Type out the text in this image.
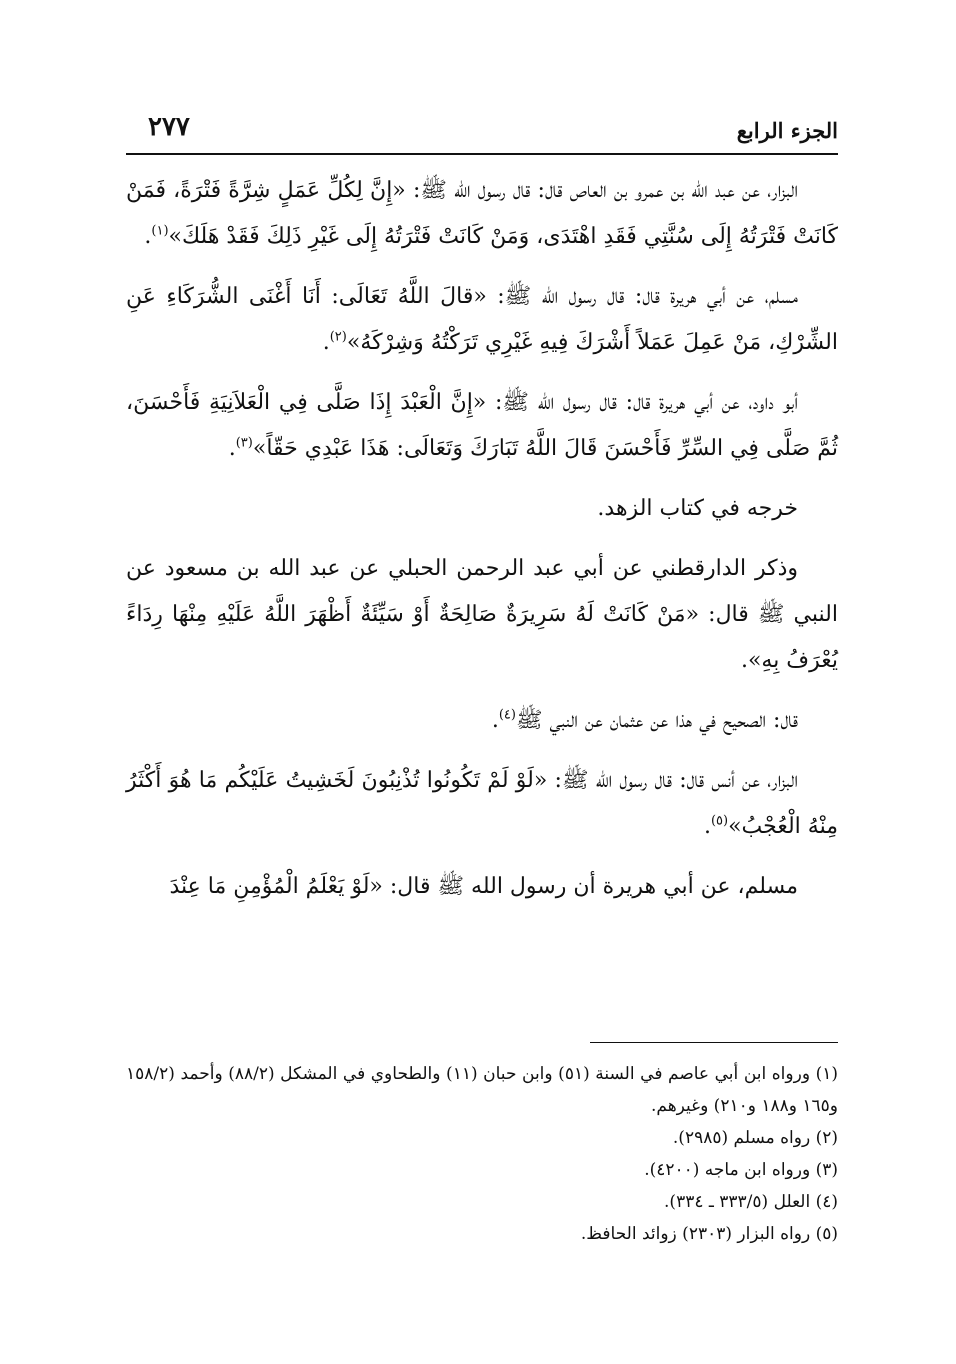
الجزء الرابع
٢٧٧

البزار، عن عبد الله بن عمرو بن العاص قال: قال رسول الله ﷺ: «إِنَّ لِكُلِّ عَمَلٍ شِرَّةً فَتْرَةً، فَمَنْ كَانَتْ فَتْرَتُهُ إِلَى سُنَّتِي فَقَدِ اهْتَدَى، وَمَنْ كَانَتْ فَتْرَتُهُ إِلَى غَيْرِ ذَلِكَ فَقَدْ هَلَكَ»$^{(١)}$.

مسلم، عن أبي هريرة قال: قال رسول الله ﷺ: «قالَ اللَّهُ تَعَالَى: أَنَا أَغْنَى الشُّرَكَاءِ عَنِ الشِّرْكِ، مَنْ عَمِلَ عَمَلاً أَشْرَكَ فِيهِ غَيْرِي تَرَكْتُهُ وَشِرْكَهُ»$^{(٢)}$.

أبو داود، عن أبي هريرة قال: قال رسول الله ﷺ: «إِنَّ الْعَبْدَ إِذَا صَلَّى فِي الْعَلاَنِيَةِ فَأَحْسَنَ، ثُمَّ صَلَّى فِي السِّرِّ فَأَحْسَنَ قَالَ اللَّهُ تَبَارَكَ وَتَعَالَى: هَذَا عَبْدِي حَقّاً»$^{(٣)}$.

خرجه في كتاب الزهد.

وذكر الدارقطني عن أبي عبد الرحمن الحبلي عن عبد الله بن مسعود عن النبي ﷺ قال: «مَنْ كَانَتْ لَهُ سَرِيرَةٌ صَالِحَةٌ أَوْ سَيِّئَةٌ أَظْهَرَ اللَّهُ عَلَيْهِ مِنْهَا رِدَاءً يُعْرَفُ بِهِ».

قال: الصحيح في هذا عن عثمان عن النبي ﷺ$^{(٤)}$.

البزار، عن أنس قال: قال رسول الله ﷺ: «لَوْ لَمْ تَكُونُوا تُذْنِبُونَ لَخَشِيتُ عَلَيْكُم مَا هُوَ أَكْثَرُ مِنْهُ الْعُجْبُ»$^{(٥)}$.

مسلم، عن أبي هريرة أن رسول الله ﷺ قال: «لَوْ يَعْلَمُ الْمُؤْمِنِ مَا عِنْدَ

(١) ورواه ابن أبي عاصم في السنة (٥١) وابن حبان (١١) والطحاوي في المشكل (٨٨/٢) وأحمد (١٥٨/٢ و١٦٥ و١٨٨ و٢١٠) وغيرهم.

(٢) رواه مسلم (٢٩٨٥).

(٣) ورواه ابن ماجه (٤٢٠٠).

(٤) العلل (٣٣٣/٥ ـ ٣٣٤).

(٥) رواه البزار (٢٣٠٣) زوائد الحافظ.
